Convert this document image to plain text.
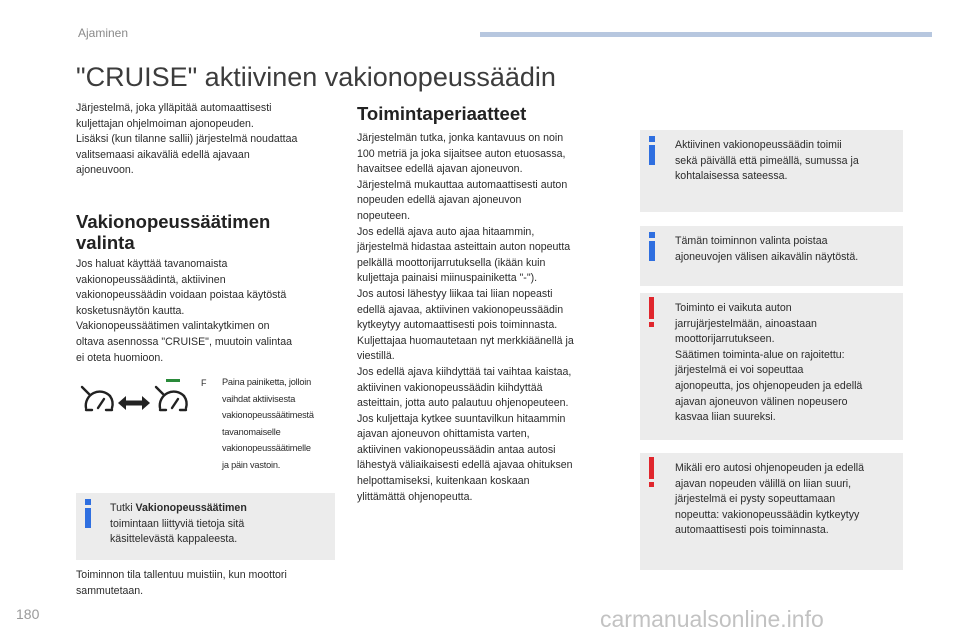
Ajaminen
"CRUISE" aktiivinen vakionopeussäädin

Järjestelmä, joka ylläpitää automaattisesti
kuljettajan ohjelmoiman ajonopeuden.
Lisäksi (kun tilanne sallii) järjestelmä noudattaa
valitsemaasi aikaväliä edellä ajavaan
ajoneuvoon.

Vakionopeussäätimen
valinta

Jos haluat käyttää tavanomaista
vakionopeussäädintä, aktiivinen
vakionopeussäädin voidaan poistaa käytöstä
kosketusnäytön kautta.
Vakionopeussäätimen valintakytkimen on
oltava asennossa "CRUISE", muutoin valintaa
ei oteta huomioon.

F Paina painiketta, jolloin
vaihdat aktiivisesta
vakionopeussäätimestä
tavanomaiselle
vakionopeussäätimelle
ja päin vastoin.

Tutki Vakionopeussäätimen
toimintaan liittyviä tietoja sitä
käsittelevästä kappaleesta.

Toiminnon tila tallentuu muistiin, kun moottori
sammutetaan.

Toimintaperiaatteet

Järjestelmän tutka, jonka kantavuus on noin
100 metriä ja joka sijaitsee auton etuosassa,
havaitsee edellä ajavan ajoneuvon.
Järjestelmä mukauttaa automaattisesti auton
nopeuden edellä ajavan ajoneuvon
nopeuteen.
Jos edellä ajava auto ajaa hitaammin,
järjestelmä hidastaa asteittain auton nopeutta
pelkällä moottorijarrutuksella (ikään kuin
kuljettaja painaisi miinuspainiketta "-").
Jos autosi lähestyy liikaa tai liian nopeasti
edellä ajavaa, aktiivinen vakionopeussäädin
kytkeytyy automaattisesti pois toiminnasta.
Kuljettajaa huomautetaan nyt merkkiäänellä ja
viestillä.
Jos edellä ajava kiihdyttää tai vaihtaa kaistaa,
aktiivinen vakionopeussäädin kiihdyttää
asteittain, jotta auto palautuu ohjenopeuteen.
Jos kuljettaja kytkee suuntavilkun hitaammin
ajavan ajoneuvon ohittamista varten,
aktiivinen vakionopeussäädin antaa autosi
lähestyä väliaikaisesti edellä ajavaa ohituksen
helpottamiseksi, kuitenkaan koskaan
ylittämättä ohjenopeutta.

Aktiivinen vakionopeussäädin toimii
sekä päivällä että pimeällä, sumussa ja
kohtalaisessa sateessa.

Tämän toiminnon valinta poistaa
ajoneuvojen välisen aikavälin näytöstä.

Toiminto ei vaikuta auton
jarrujärjestelmään, ainoastaan
moottorijarrutukseen.
Säätimen toiminta-alue on rajoitettu:
järjestelmä ei voi sopeuttaa
ajonopeutta, jos ohjenopeuden ja edellä
ajavan ajoneuvon välinen nopeusero
kasvaa liian suureksi.

Mikäli ero autosi ohjenopeuden ja edellä
ajavan nopeuden välillä on liian suuri,
järjestelmä ei pysty sopeuttamaan
nopeutta: vakionopeussäädin kytkeytyy
automaattisesti pois toiminnasta.

180	carmanualsonline.info
